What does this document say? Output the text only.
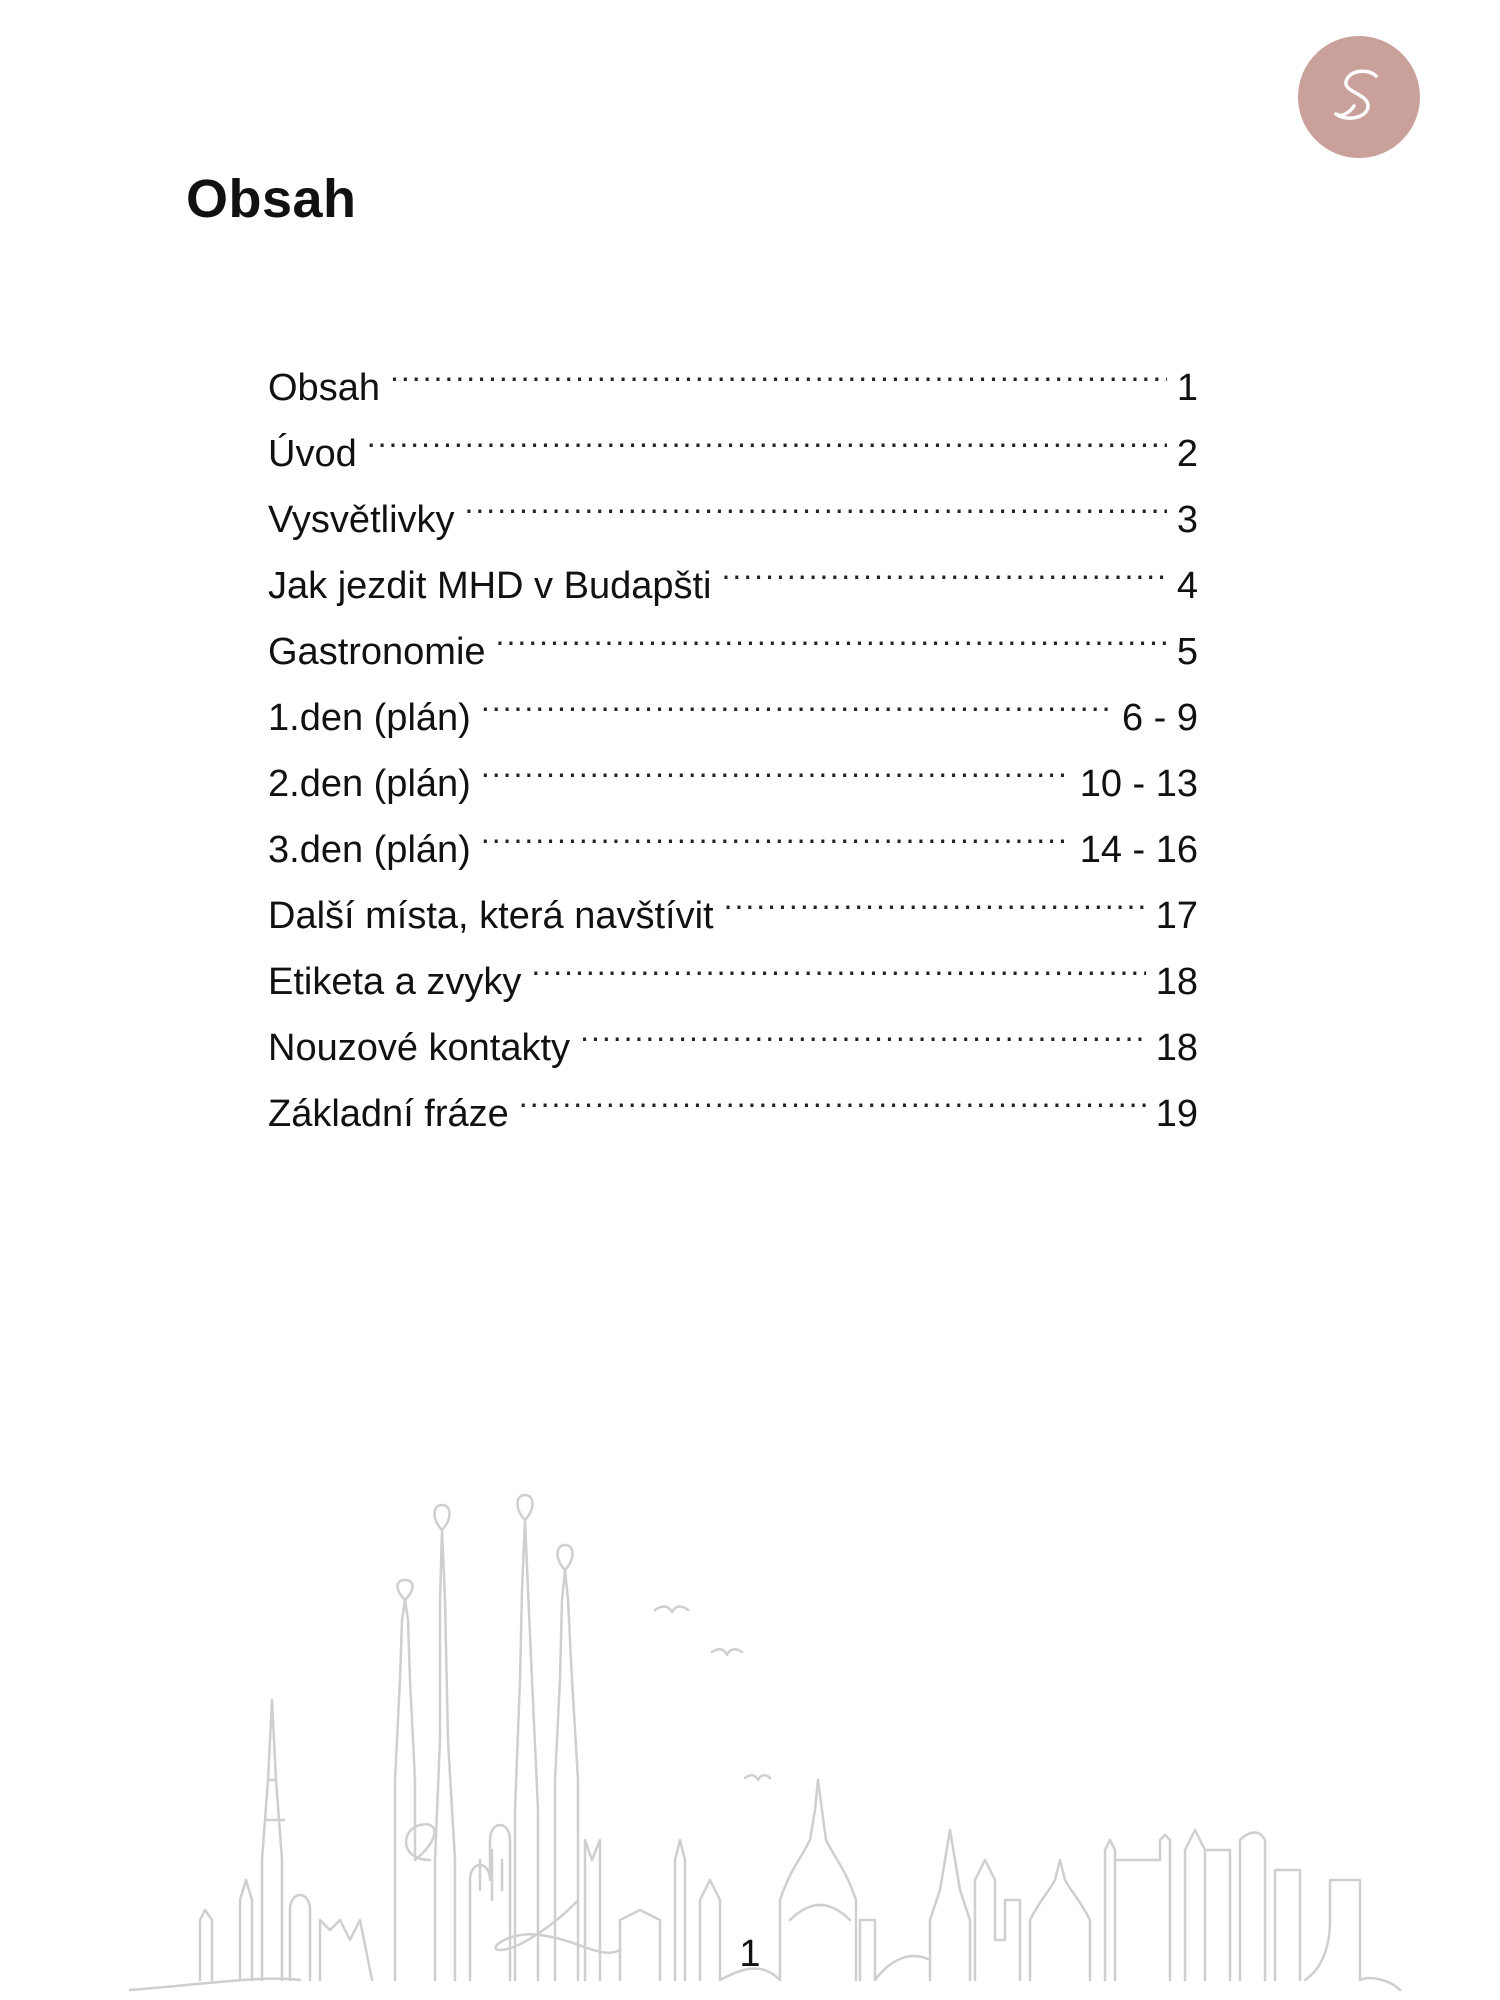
Obsah
Obsah .....	1
Úvod .....	2
Vysvětlivky .....	3
Jak jezdit MHD v Budapšti .....	4
Gastronomie .....	5
1.den (plán) .....	6 - 9
2.den (plán) .....	10 - 13
3.den (plán) .....	14 - 16
Další místa, která navštívit .....	17
Etiketa a zvyky .....	18
Nouzové kontakty .....	18
Základní fráze .....	19
1
